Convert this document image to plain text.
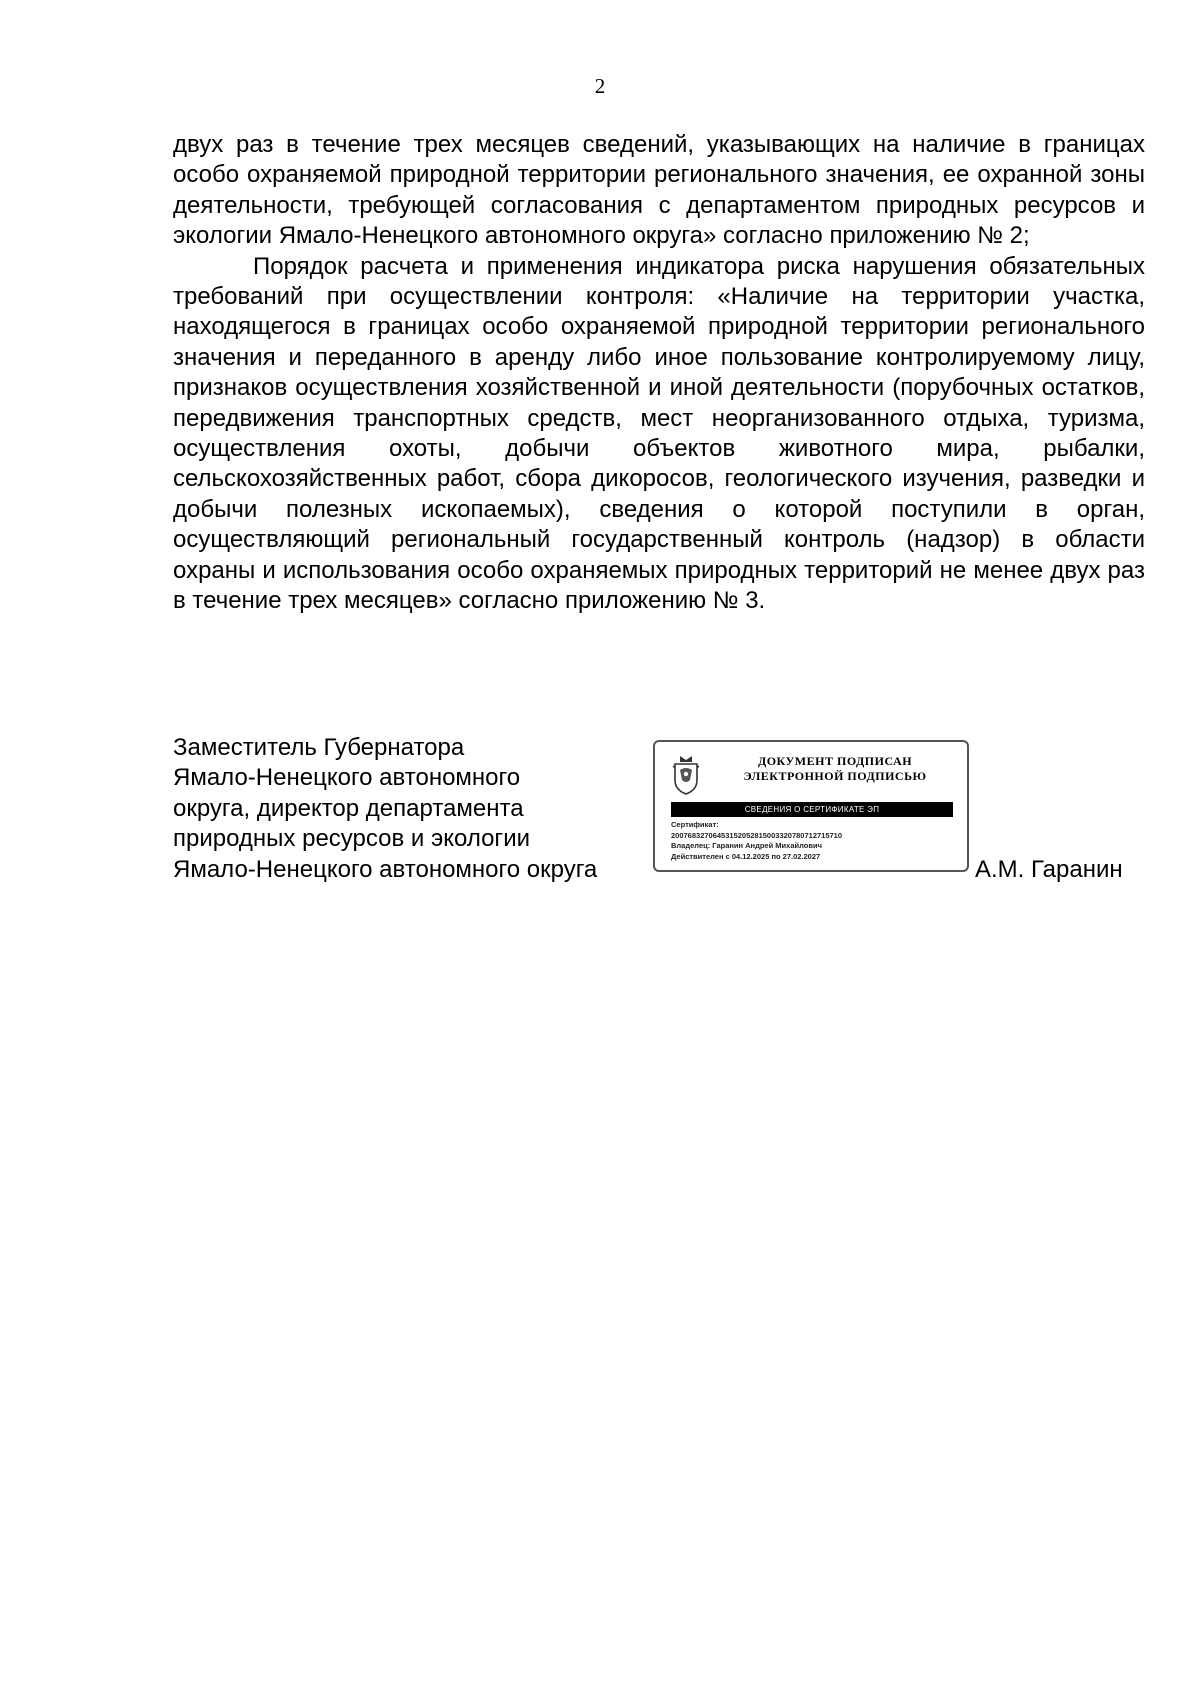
2

двух раз в течение трех месяцев сведений, указывающих на наличие в границах особо охраняемой природной территории регионального значения, ее охранной зоны деятельности, требующей согласования с департаментом природных ресурсов и экологии Ямало-Ненецкого автономного округа» согласно приложению № 2;

Порядок расчета и применения индикатора риска нарушения обязательных требований при осуществлении контроля: «Наличие на территории участка, находящегося в границах особо охраняемой природной территории регионального значения и переданного в аренду либо иное пользование контролируемому лицу, признаков осуществления хозяйственной и иной деятельности (порубочных остатков, передвижения транспортных средств, мест неорганизованного отдыха, туризма, осуществления охоты, добычи объектов животного мира, рыбалки, сельскохозяйственных работ, сбора дикоросов, геологического изучения, разведки и добычи полезных ископаемых), сведения о которой поступили в орган, осуществляющий региональный государственный контроль (надзор) в области охраны и использования особо охраняемых природных территорий не менее двух раз в течение трех месяцев» согласно приложению № 3.

Заместитель Губернатора
Ямало-Ненецкого автономного
округа, директор департамента
природных ресурсов и экологии
Ямало-Ненецкого автономного округа
ДОКУМЕНТ ПОДПИСАН
ЭЛЕКТРОННОЙ ПОДПИСЬЮ
СВЕДЕНИЯ О СЕРТИФИКАТЕ ЭП
Сертификат:
20076832706453152052815003320780712715710
Владелец: Гаранин Андрей Михайлович
Действителен с 04.12.2025 по 27.02.2027	А.М. Гаранин
